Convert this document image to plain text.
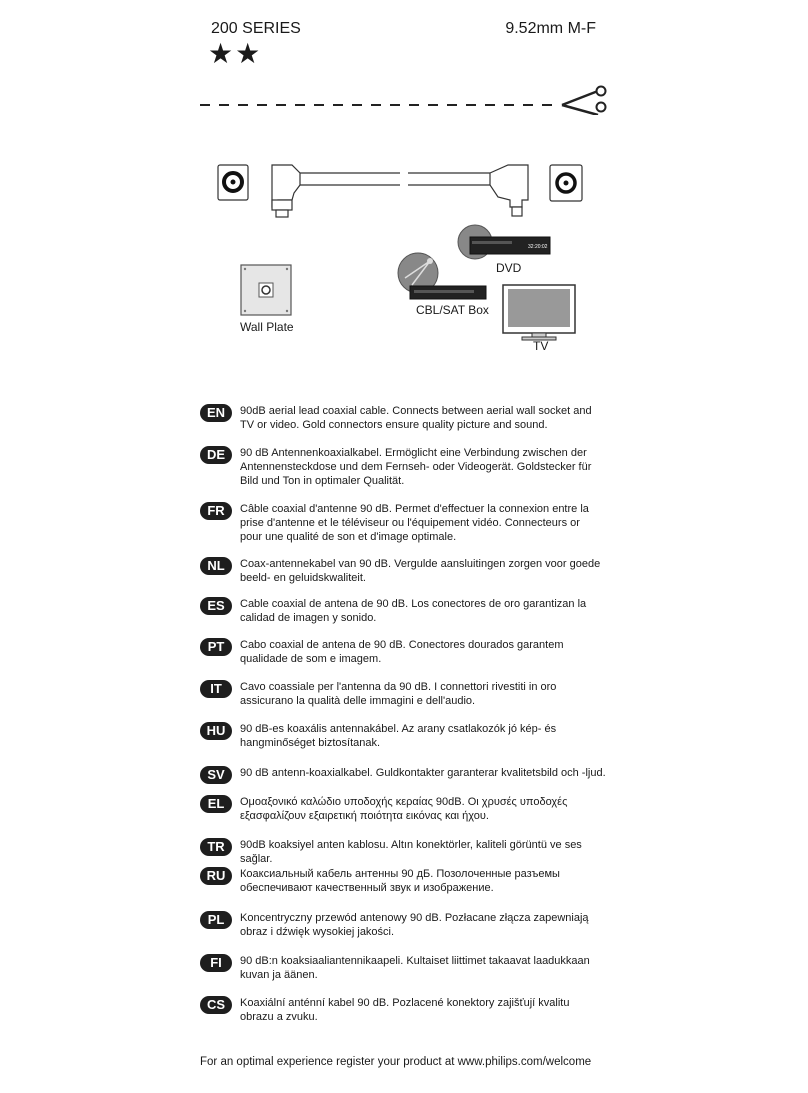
200 SERIES
★★
9.52mm M-F
32:20:02
DVD
CBL/SAT Box
Wall Plate
TV
EN	90dB aerial lead coaxial cable. Connects between aerial wall socket and
TV or video. Gold connectors ensure quality picture and sound.
DE	90 dB Antennenkoaxialkabel. Ermöglicht eine Verbindung zwischen der
Antennensteckdose und dem Fernseh- oder Videogerät. Goldstecker für
Bild und Ton in optimaler Qualität.
FR	Câble coaxial d'antenne 90 dB. Permet d'effectuer la connexion entre la
prise d'antenne et le téléviseur ou l'équipement vidéo. Connecteurs or
pour une qualité de son et d'image optimale.
NL	Coax-antennekabel van 90 dB. Vergulde aansluitingen zorgen voor goede
beeld- en geluidskwaliteit.
ES	Cable coaxial de antena de 90 dB. Los conectores de oro garantizan la
calidad de imagen y sonido.
PT	Cabo coaxial de antena de 90 dB. Conectores dourados garantem
qualidade de som e imagem.
IT	Cavo coassiale per l'antenna da 90 dB. I connettori rivestiti in oro
assicurano la qualità delle immagini e dell'audio.
HU	90 dB-es koaxális antennakábel. Az arany csatlakozók jó kép- és
hangminőséget biztosítanak.
SV	90 dB antenn-koaxialkabel. Guldkontakter garanterar kvalitetsbild och -ljud.
EL	Ομοαξονικό καλώδιο υποδοχής κεραίας 90dB. Οι χρυσές υποδοχές
εξασφαλίζουν εξαιρετική ποιότητα εικόνας και ήχου.
TR	90dB koaksiyel anten kablosu. Altın konektörler, kaliteli görüntü ve ses sağlar.
RU	Коаксиальный кабель антенны 90 дБ. Позолоченные разъемы
обеспечивают качественный звук и изображение.
PL	Koncentryczny przewód antenowy 90 dB. Pozłacane złącza zapewniają
obraz i dźwięk wysokiej jakości.
FI	90 dB:n koaksiaaliantennikaapeli. Kultaiset liittimet takaavat laadukkaan
kuvan ja äänen.
CS	Koaxiální anténní kabel 90 dB. Pozlacené konektory zajišťují kvalitu
obrazu a zvuku.
For an optimal experience register your product at www.philips.com/welcome
